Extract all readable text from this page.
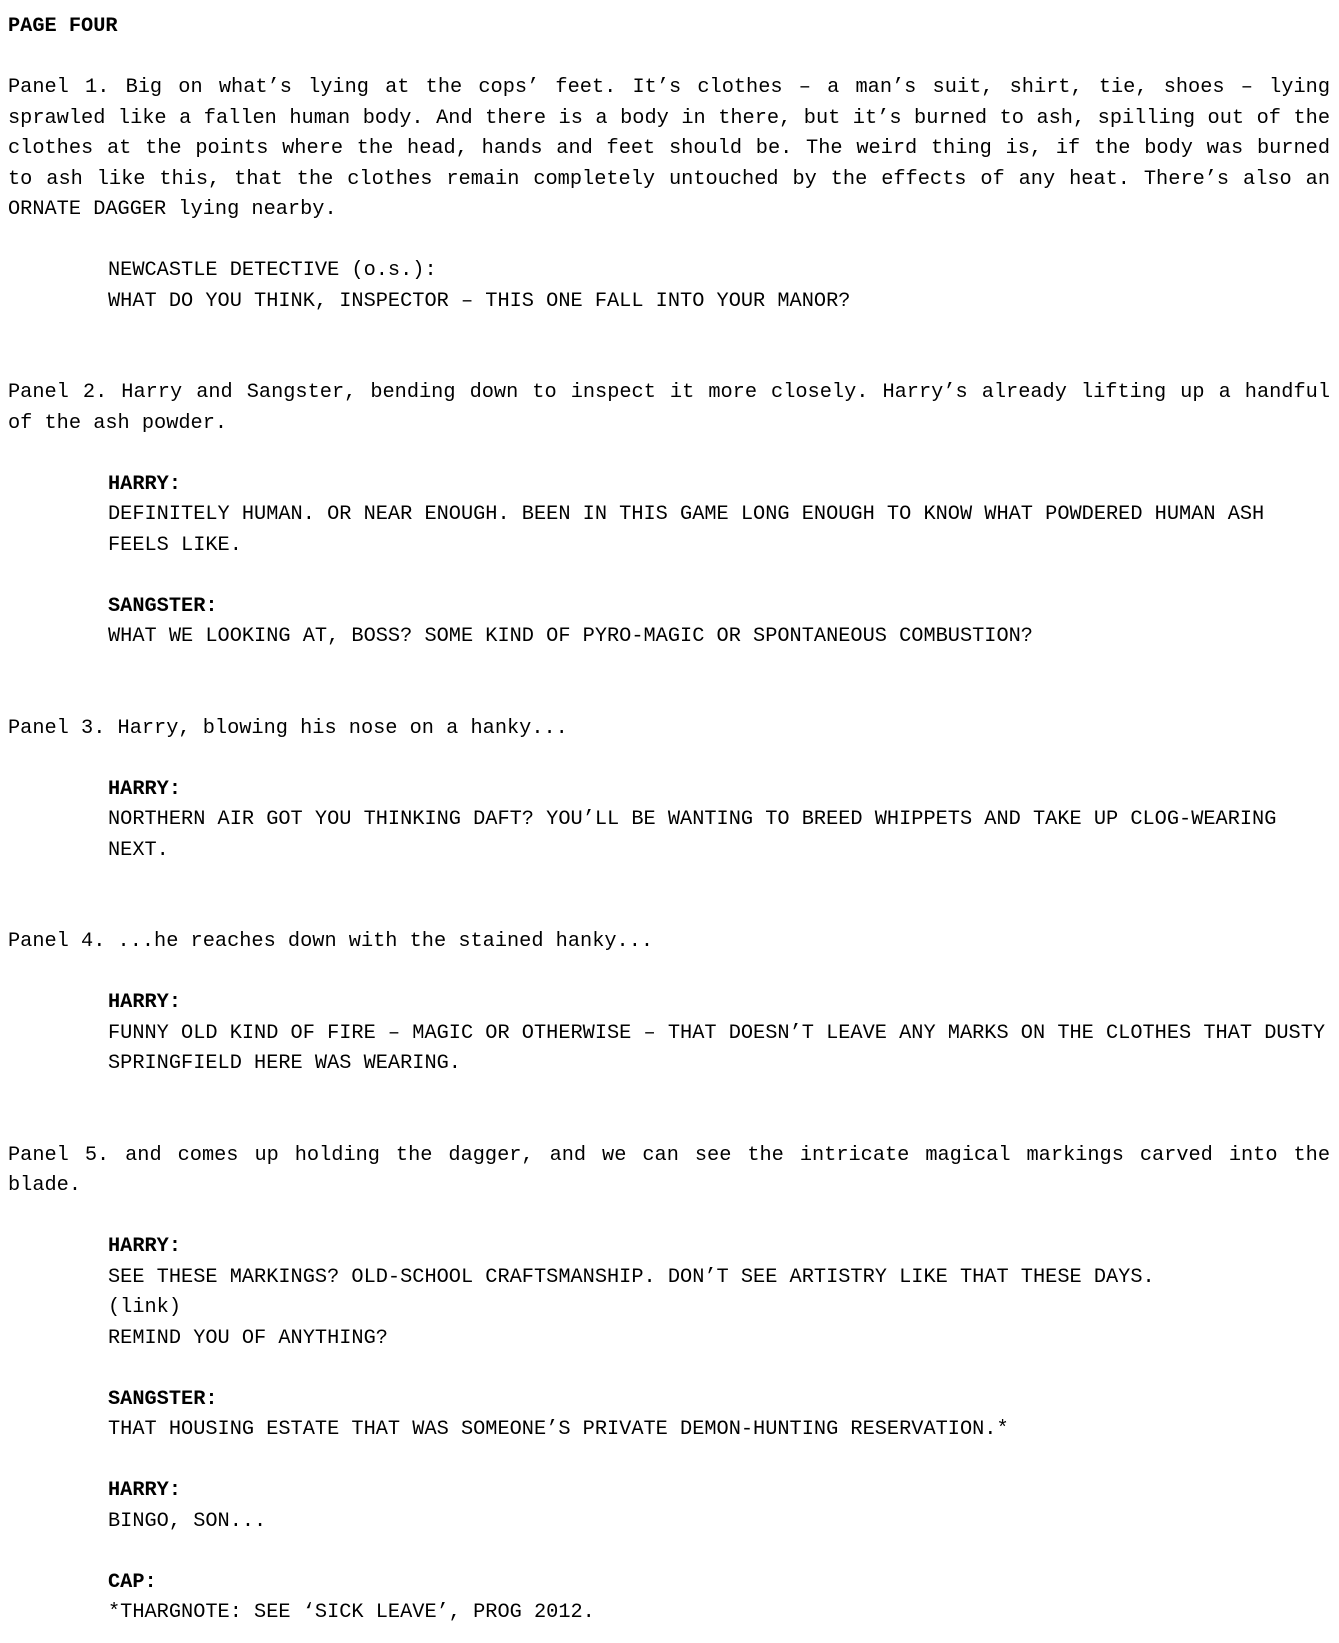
PAGE FOUR

Panel 1. Big on what’s lying at the cops’ feet. It’s clothes – a man’s suit, shirt, tie, shoes – lying sprawled like a fallen human body. And there is a body in there, but it’s burned to ash, spilling out of the clothes at the points where the head, hands and feet should be. The weird thing is, if the body was burned to ash like this, that the clothes remain completely untouched by the effects of any heat. There’s also an ORNATE DAGGER lying nearby.

NEWCASTLE DETECTIVE (o.s.):
WHAT DO YOU THINK, INSPECTOR – THIS ONE FALL INTO YOUR MANOR?

Panel 2. Harry and Sangster, bending down to inspect it more closely. Harry’s already lifting up a handful of the ash powder.

HARRY:
DEFINITELY HUMAN. OR NEAR ENOUGH. BEEN IN THIS GAME LONG ENOUGH TO KNOW WHAT POWDERED HUMAN ASH FEELS LIKE.
SANGSTER:
WHAT WE LOOKING AT, BOSS? SOME KIND OF PYRO-MAGIC OR SPONTANEOUS COMBUSTION?

Panel 3. Harry, blowing his nose on a hanky...

HARRY:
NORTHERN AIR GOT YOU THINKING DAFT? YOU’LL BE WANTING TO BREED WHIPPETS AND TAKE UP CLOG-WEARING NEXT.

Panel 4. ...he reaches down with the stained hanky...

HARRY:
FUNNY OLD KIND OF FIRE – MAGIC OR OTHERWISE – THAT DOESN’T LEAVE ANY MARKS ON THE CLOTHES THAT DUSTY SPRINGFIELD HERE WAS WEARING.

Panel 5. and comes up holding the dagger, and we can see the intricate magical markings carved into the blade.

HARRY:
SEE THESE MARKINGS? OLD-SCHOOL CRAFTSMANSHIP. DON’T SEE ARTISTRY LIKE THAT THESE DAYS.
(link)
REMIND YOU OF ANYTHING?
SANGSTER:
THAT HOUSING ESTATE THAT WAS SOMEONE’S PRIVATE DEMON-HUNTING RESERVATION.*
HARRY:
BINGO, SON...
CAP:
*THARGNOTE: SEE ‘SICK LEAVE’, PROG 2012.
